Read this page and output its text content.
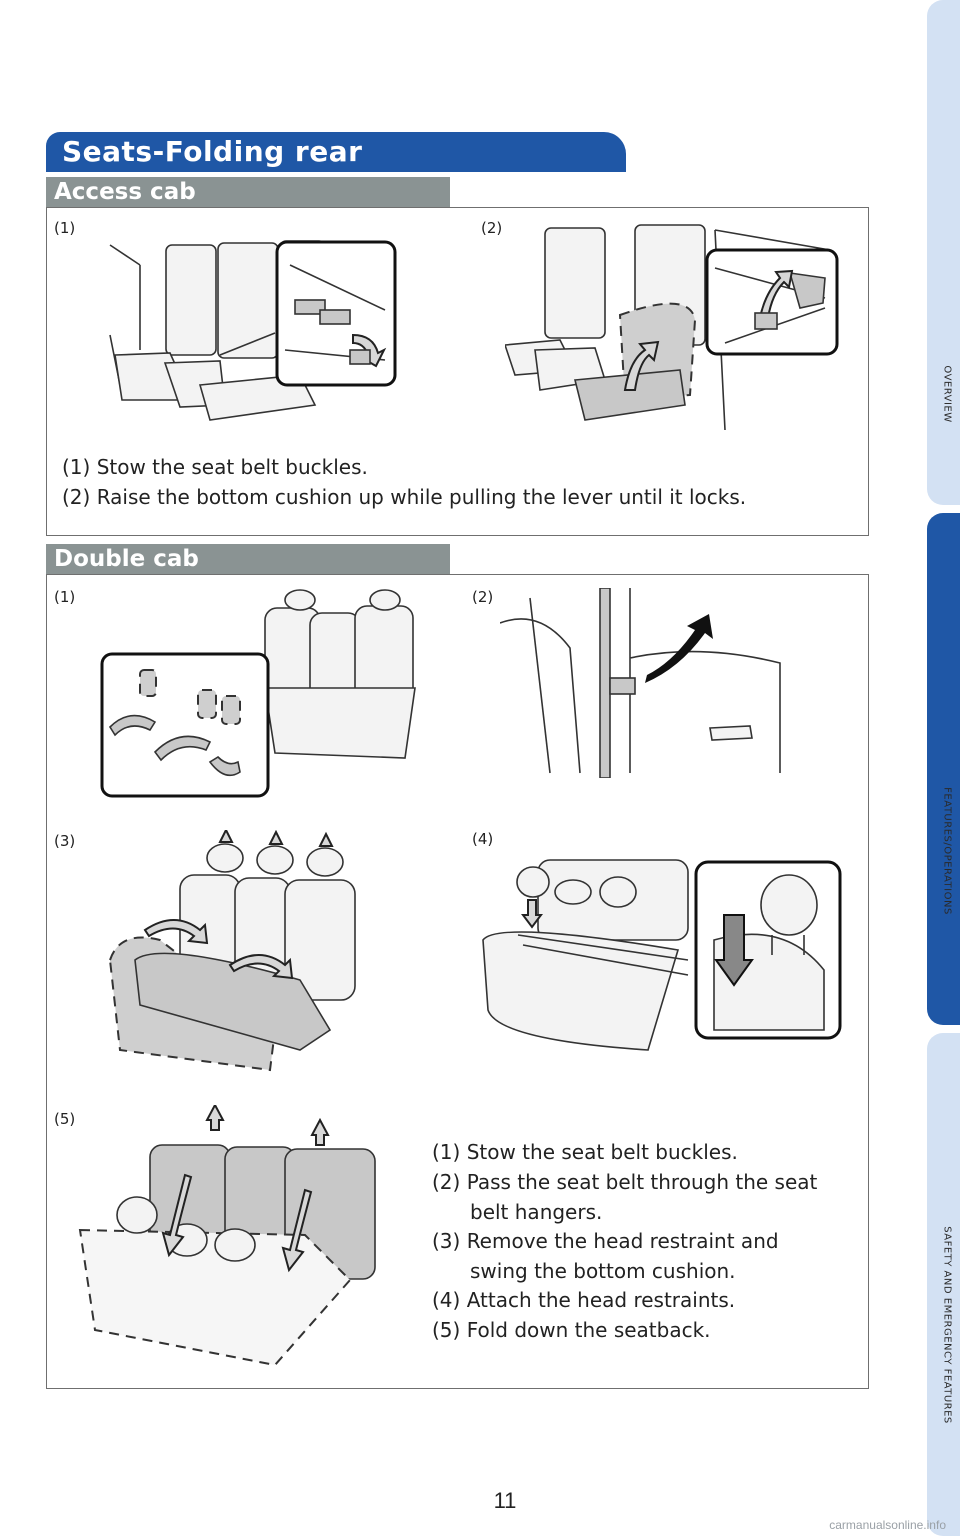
Seats-Folding rear
Access cab
(1)	(2)
(1) Stow the seat belt buckles.
(2) Raise the bottom cushion up while pulling the lever until it locks.
Double cab
(1)	(2)
(3)	(4)
(5)
(1) Stow the seat belt buckles.
(2) Pass the seat belt through the seat
belt hangers.
(3) Remove the head restraint and
swing the bottom cushion.
(4) Attach the head restraints.
(5) Fold down the seatback.
OVERVIEW
FEATURES/OPERATIONS
SAFETY AND EMERGENCY FEATURES
11
carmanualsonline.info
